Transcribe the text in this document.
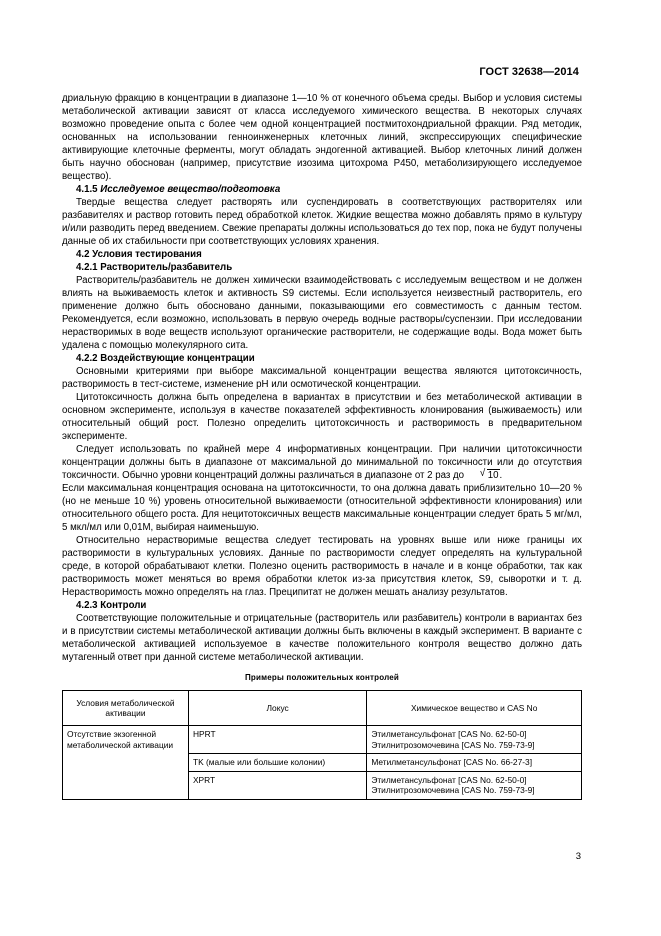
ГОСТ 32638—2014

дриальную фракцию в концентрации в диапазоне 1—10 % от конечного объема среды. Выбор и условия системы метаболической активации зависят от класса исследуемого химического вещества. В некоторых случаях возможно проведение опыта с более чем одной концентрацией постмитохондриальной фракции. Ряд методик, основанных на использовании генноинженерных клеточных линий, экспрессирующих специфические активирующие клеточные ферменты, могут обладать эндогенной активацией. Выбор клеточных линий должен быть научно обоснован (например, присутствие изозима цитохрома P450, метаболизирующего исследуемое вещество).

4.1.5 Исследуемое вещество/подготовка

Твердые вещества следует растворять или суспендировать в соответствующих растворителях или разбавителях и раствор готовить перед обработкой клеток. Жидкие вещества можно добавлять прямо в культуру и/или разводить перед введением. Свежие препараты должны использоваться до тех пор, пока не будут получены данные об их стабильности при соответствующих условиях хранения.

4.2 Условия тестирования
4.2.1 Растворитель/разбавитель

Растворитель/разбавитель не должен химически взаимодействовать с исследуемым веществом и не должен влиять на выживаемость клеток и активность S9 системы. Если используется неизвестный растворитель, его применение должно быть обосновано данными, показывающими его совместимость с данным тестом. Рекомендуется, если возможно, использовать в первую очередь водные растворы/суспензии. При исследовании нерастворимых в воде веществ используют органические растворители, не содержащие воды. Вода может быть удалена с помощью молекулярного сита.

4.2.2 Воздействующие концентрации

Основными критериями при выборе максимальной концентрации вещества являются цитотоксичность, растворимость в тест-системе, изменение pH или осмотической концентрации.

Цитотоксичность должна быть определена в вариантах в присутствии и без метаболической активации в основном эксперименте, используя в качестве показателей эффективность клонирования (выживаемость) или относительный общий рост. Полезно определить цитотоксичность и растворимость в предварительном эксперименте.

Следует использовать по крайней мере 4 информативных концентрации. При наличии цитотоксичности концентрации должны быть в диапазоне от максимальной до минимальной по токсичности или до отсутствия токсичности. Обычно уровни концентраций должны различаться в диапазоне от 2 раз до	√ 10.

Если максимальная концентрация основана на цитотоксичности, то она должна давать приблизительно 10—20 % (но не меньше 10 %) уровень относительной выживаемости (относительной эффективности клонирования) или относительного общего роста. Для нецитотоксичных веществ максимальные концентрации следует брать 5 мг/мл, 5 мкл/мл или 0,01М, выбирая наименьшую.

Относительно нерастворимые вещества следует тестировать на уровнях выше или ниже границы их растворимости в культуральных условиях. Данные по растворимости следует определять на культуральной среде, в которой обрабатывают клетки. Полезно оценить растворимость в начале и в конце обработки, так как растворимость может меняться во время обработки клеток из-за присутствия клеток, S9, сыворотки и т. д. Нерастворимость можно определять на глаз. Преципитат не должен мешать анализу результатов.

4.2.3 Контроли

Соответствующие положительные и отрицательные (растворитель или разбавитель) контроли в вариантах без и в присутствии системы метаболической активации должны быть включены в каждый эксперимент. В варианте с метаболической активацией используемое в качестве положительного контроля вещество должно дать мутагенный ответ при данной системе метаболической активации.

Примеры положительных контролей
Условия метаболической активации	Локус	Химическое вещество и CAS No
Отсутствие экзогенной метаболической активации	HPRT	Этилметансульфонат [CAS No. 62-50-0]
Этилнитрозомочевина [CAS No. 759-73-9]

	TK (малые или большие колонии)	Метилметансульфонат [CAS No. 66-27-3]

	XPRT	Этилметансульфонат [CAS No. 62-50-0]
Этилнитрозомочевина [CAS No. 759-73-9]
3
